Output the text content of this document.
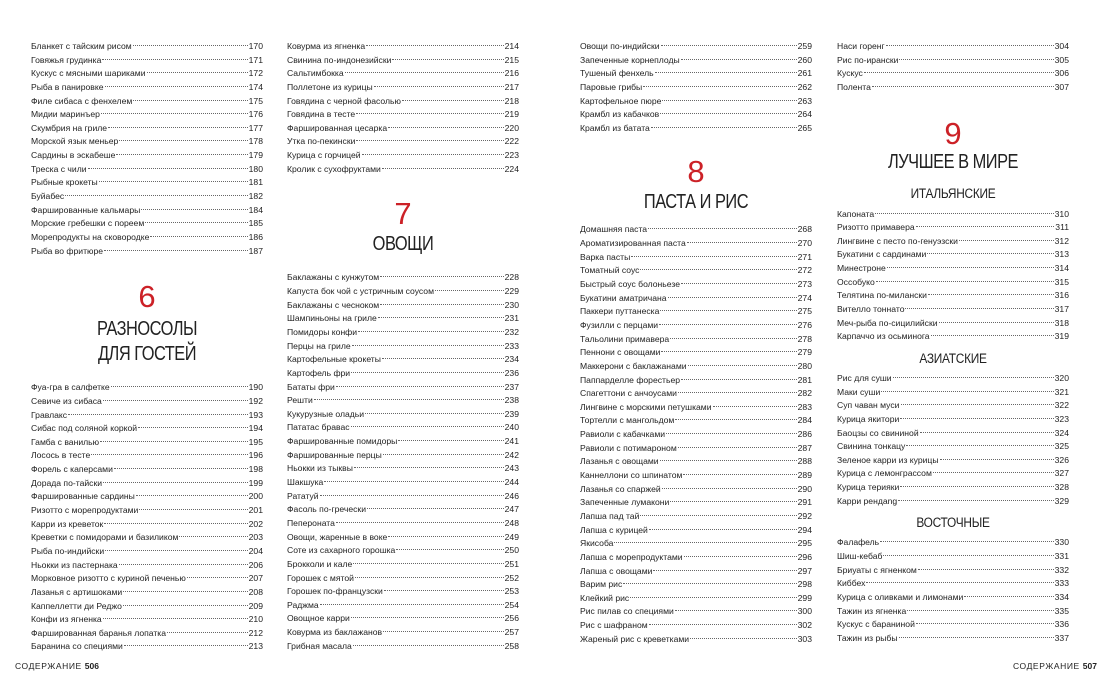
Бланкет с тайским рисом	170
Говяжья грудинка	171
Кускус с мясными шариками	172
Рыба в панировке	174
Филе сибаса с фенхелем	175
Мидии маринъер	176
Скумбрия на гриле	177
Морской язык меньер	178
Сардины в эскабеше	179
Треска с чили	180
Рыбные крокеты	181
Буйабес	182
Фаршированные кальмары	184
Морские гребешки с пореем	185
Морепродукты на сковородке	186
Рыба во фритюре	187
6
РАЗНОСОЛЫ
ДЛЯ ГОСТЕЙ
Фуа-гра в салфетке	190
Севиче из сибаса	192
Гравлакс	193
Сибас под соляной коркой	194
Гамба с ванилью	195
Лосось в тесте	196
Форель с каперсами	198
Дорада по-тайски	199
Фаршированные сардины	200
Ризотто с морепродуктами	201
Карри из креветок	202
Креветки с помидорами и базиликом	203
Рыба по-индийски	204
Ньокки из пастернака	206
Морковное ризотто с куриной печенью	207
Лазанья с артишоками	208
Каппеллетти ди Реджо	209
Конфи из ягненка	210
Фаршированная баранья лопатка	212
Баранина со специями	213
Ковурма из ягненка	214
Свинина по-индонезийски	215
Сальтимбокка	216
Поллетоне из курицы	217
Говядина с черной фасолью	218
Говядина в тесте	219
Фаршированная цесарка	220
Утка по-пекински	222
Курица с горчицей	223
Кролик с сухофруктами	224
7
ОВОЩИ
Баклажаны с кунжутом	228
Капуста бок чой с устричным соусом	229
Баклажаны с чесноком	230
Шампиньоны на гриле	231
Помидоры конфи	232
Перцы на гриле	233
Картофельные крокеты	234
Картофель фри	236
Бататы фри	237
Решти	238
Кукурузные оладьи	239
Пататас бравас	240
Фаршированные помидоры	241
Фаршированные перцы	242
Ньокки из тыквы	243
Шакшука	244
Рататуй	246
Фасоль по-гречески	247
Пепероната	248
Овощи, жаренные в воке	249
Соте из сахарного горошка	250
Брокколи и кале	251
Горошек с мятой	252
Горошек по-французски	253
Раджма	254
Овощное карри	256
Ковурма из баклажанов	257
Грибная масала	258
Овощи по-индийски	259
Запеченные корнеплоды	260
Тушеный фенхель	261
Паровые грибы	262
Картофельное пюре	263
Крамбл из кабачков	264
Крамбл из батата	265
8
ПАСТА И РИС
Домашняя паста	268
Ароматизированная паста	270
Варка пасты	271
Томатный соус	272
Быстрый соус болоньезе	273
Букатини аматричана	274
Паккери путтанеска	275
Фузилли с перцами	276
Тальолини примавера	278
Пеннони с овощами	279
Маккерони с баклажанами	280
Паппарделле форестьер	281
Спагеттони с анчоусами	282
Лингвине с морскими петушками	283
Тортелли с мангольдом	284
Равиоли с кабачками	286
Равиоли с потимароном	287
Лазанья с овощами	288
Каннеллони со шпинатом	289
Лазанья со спаржей	290
Запеченные лумакони	291
Лапша пад тай	292
Лапша с курицей	294
Якисоба	295
Лапша с морепродуктами	296
Лапша с овощами	297
Варим рис	298
Клейкий рис	299
Рис пилав со специями	300
Рис с шафраном	302
Жареный рис с креветками	303
Наси горенг	304
Рис по-ирански	305
Кускус	306
Полента	307
9
ЛУЧШЕЕ В МИРЕ
ИТАЛЬЯНСКИЕ
Капоната	310
Ризотто примавера	311
Лингвине с песто по-генуэзски	312
Букатини с сардинами	313
Минестроне	314
Оссобуко	315
Телятина по-милански	316
Вителло тоннато	317
Меч-рыба по-сицилийски	318
Карпаччо из осьминога	319
АЗИАТСКИЕ
Рис для суши	320
Маки суши	321
Суп чаван муси	322
Курица якитори	323
Баоцзы со свининой	324
Свинина тонкацу	325
Зеленое карри из курицы	326
Курица с лемонграссом	327
Курица терияки	328
Карри рендang	329
ВОСТОЧНЫЕ
Фалафель	330
Шиш-кебаб	331
Бриуаты с ягненком	332
Киббех	333
Курица с оливками и лимонами	334
Тажин из ягненка	335
Кускус с бараниной	336
Тажин из рыбы	337
СОДЕРЖАНИЕ 506	СОДЕРЖАНИЕ 507
